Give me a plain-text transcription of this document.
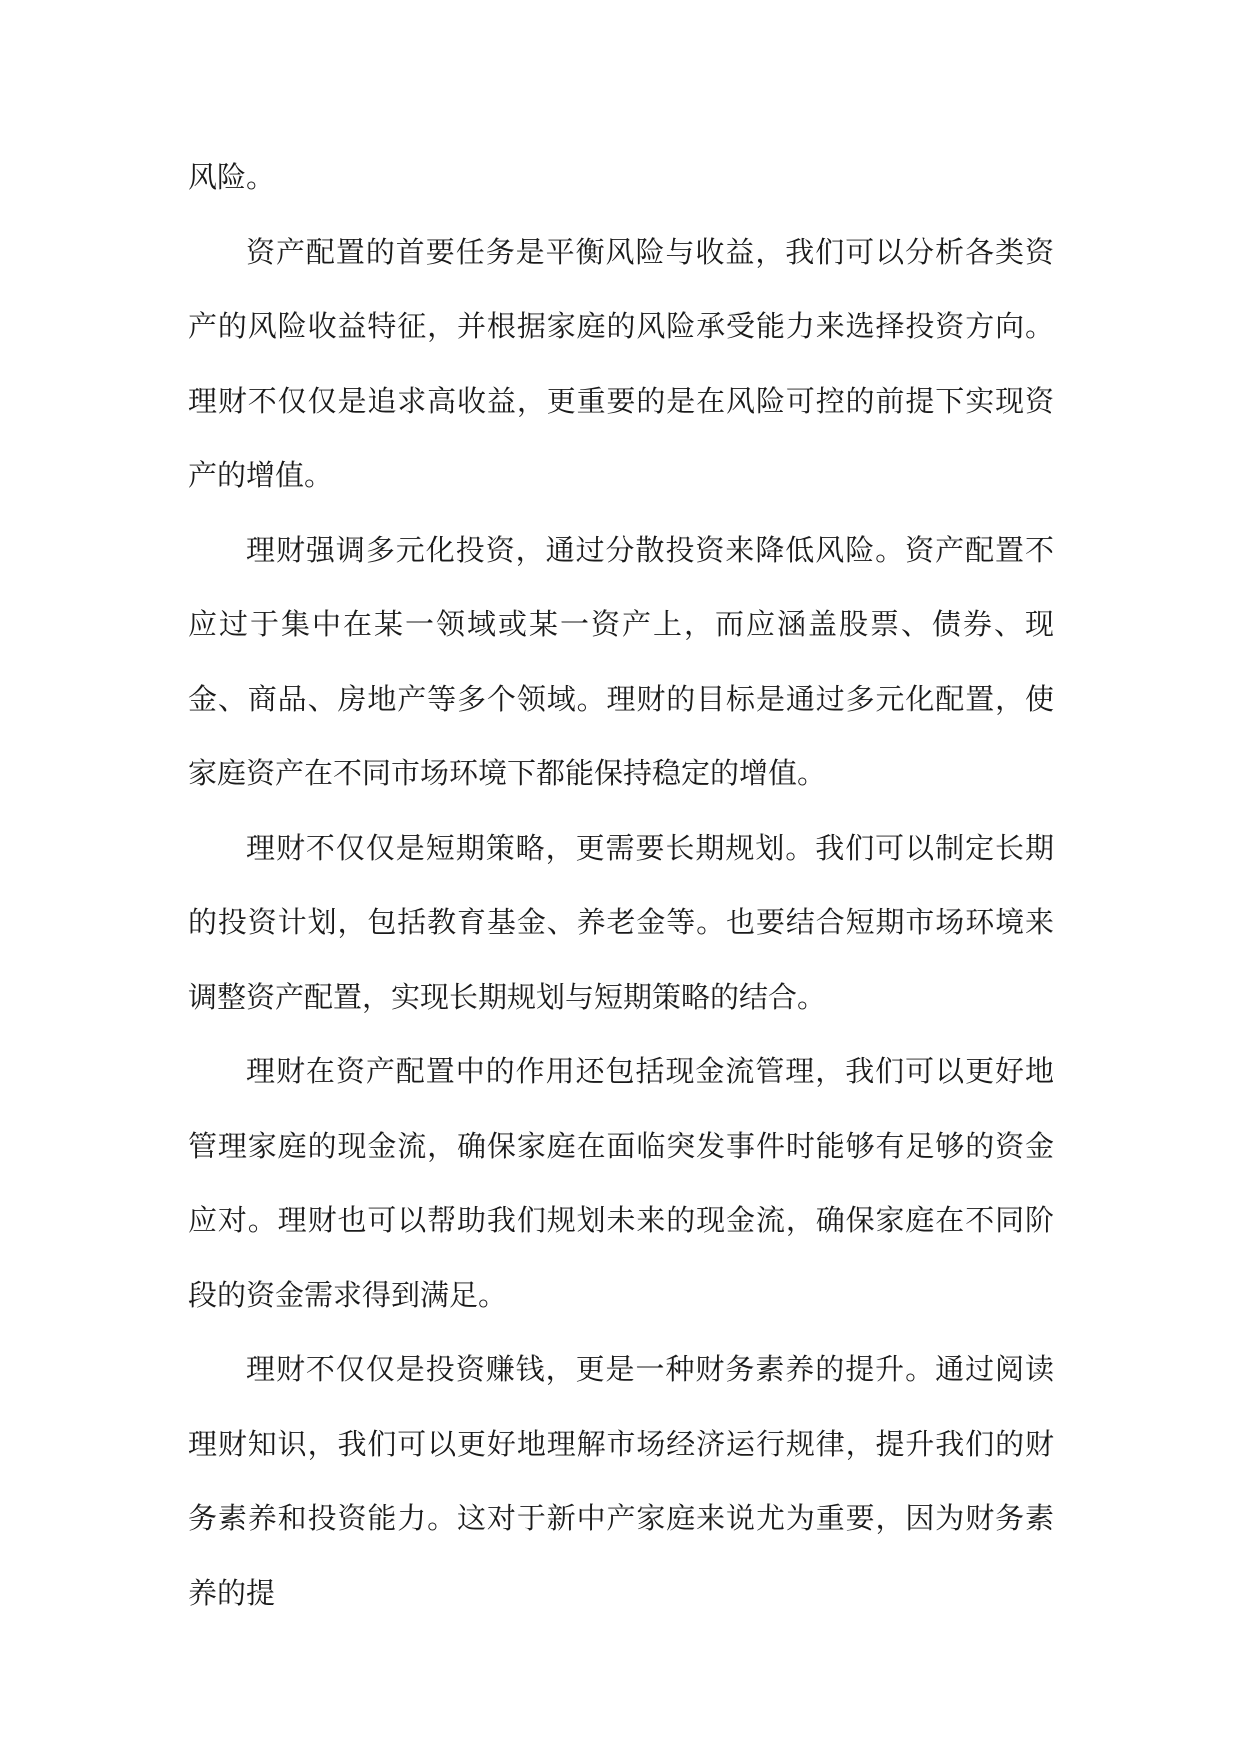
风险。

资产配置的首要任务是平衡风险与收益，我们可以分析各类资产的风险收益特征，并根据家庭的风险承受能力来选择投资方向。理财不仅仅是追求高收益，更重要的是在风险可控的前提下实现资产的增值。

理财强调多元化投资，通过分散投资来降低风险。资产配置不应过于集中在某一领域或某一资产上，而应涵盖股票、债券、现金、商品、房地产等多个领域。理财的目标是通过多元化配置，使家庭资产在不同市场环境下都能保持稳定的增值。

理财不仅仅是短期策略，更需要长期规划。我们可以制定长期的投资计划，包括教育基金、养老金等。也要结合短期市场环境来调整资产配置，实现长期规划与短期策略的结合。

理财在资产配置中的作用还包括现金流管理，我们可以更好地管理家庭的现金流，确保家庭在面临突发事件时能够有足够的资金应对。理财也可以帮助我们规划未来的现金流，确保家庭在不同阶段的资金需求得到满足。

理财不仅仅是投资赚钱，更是一种财务素养的提升。通过阅读理财知识，我们可以更好地理解市场经济运行规律，提升我们的财务素养和投资能力。这对于新中产家庭来说尤为重要，因为财务素养的提
